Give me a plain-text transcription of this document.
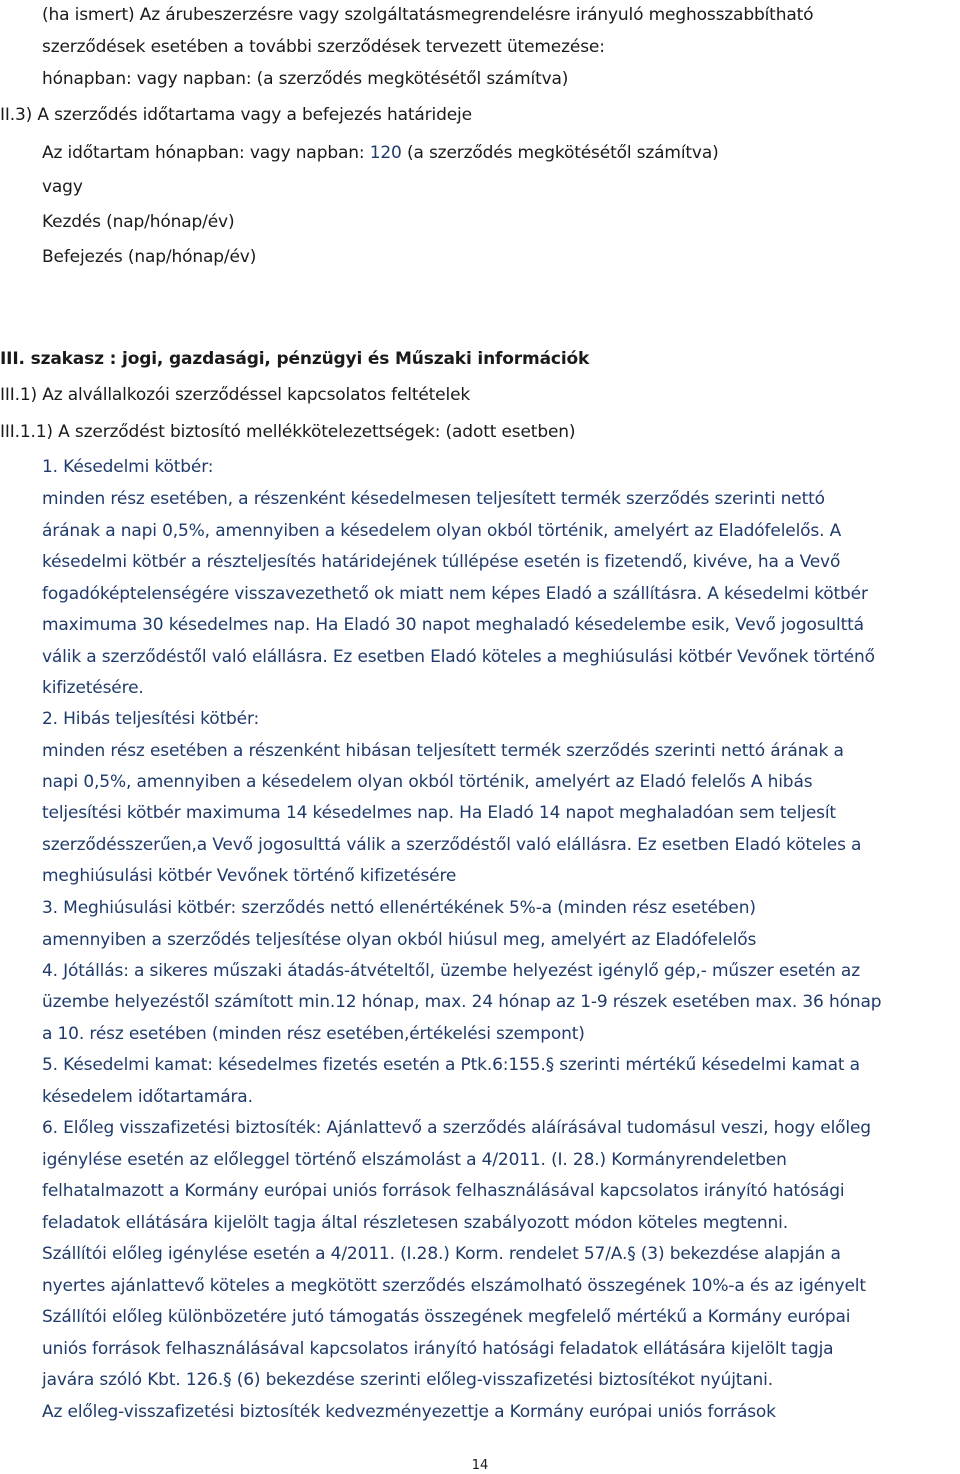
(ha ismert) Az árubeszerzésre vagy szolgáltatásmegrendelésre irányuló meghosszabbítható
szerződések esetében a további szerződések tervezett ütemezése:
hónapban: vagy napban: (a szerződés megkötésétől számítva)
II.3) A szerződés időtartama vagy a befejezés határideje
Az időtartam hónapban: vagy napban: 120 (a szerződés megkötésétől számítva)
vagy
Kezdés (nap/hónap/év)
Befejezés (nap/hónap/év)
III. szakasz : jogi, gazdasági, pénzügyi és Műszaki információk
III.1) Az alvállalkozói szerződéssel kapcsolatos feltételek
III.1.1) A szerződést biztosító mellékkötelezettségek: (adott esetben)
1. Késedelmi kötbér:
minden rész esetében, a részenként késedelmesen teljesített termék szerződés szerinti nettó
árának a napi 0,5%, amennyiben a késedelem olyan okból történik, amelyért az Eladófelelős. A
késedelmi kötbér a részteljesítés határidejének túllépése esetén is fizetendő, kivéve, ha a Vevő
fogadóképtelenségére visszavezethető ok miatt nem képes Eladó a szállításra. A késedelmi kötbér
maximuma 30 késedelmes nap. Ha Eladó 30 napot meghaladó késedelembe esik, Vevő jogosulttá
válik a szerződéstől való elállásra. Ez esetben Eladó köteles a meghiúsulási kötbér Vevőnek történő
kifizetésére.
2. Hibás teljesítési kötbér:
minden rész esetében a részenként hibásan teljesített termék szerződés szerinti nettó árának a
napi 0,5%, amennyiben a késedelem olyan okból történik, amelyért az Eladó felelős A hibás
teljesítési kötbér maximuma 14 késedelmes nap. Ha Eladó 14 napot meghaladóan sem teljesít
szerződésszerűen,a Vevő jogosulttá válik a szerződéstől való elállásra. Ez esetben Eladó köteles a
meghiúsulási kötbér Vevőnek történő kifizetésére
3. Meghiúsulási kötbér: szerződés nettó ellenértékének 5%-a (minden rész esetében)
amennyiben a szerződés teljesítése olyan okból hiúsul meg, amelyért az Eladófelelős
4. Jótállás: a sikeres műszaki átadás-átvételtől, üzembe helyezést igénylő gép,- műszer esetén az
üzembe helyezéstől számított min.12 hónap, max. 24 hónap az 1-9 részek esetében max. 36 hónap
a 10. rész esetében (minden rész esetében,értékelési szempont)
5. Késedelmi kamat: késedelmes fizetés esetén a Ptk.6:155.§ szerinti mértékű késedelmi kamat a
késedelem időtartamára.
6. Előleg visszafizetési biztosíték: Ajánlattevő a szerződés aláírásával tudomásul veszi, hogy előleg
igénylése esetén az előleggel történő elszámolást a 4/2011. (I. 28.) Kormányrendeletben
felhatalmazott a Kormány európai uniós források felhasználásával kapcsolatos irányító hatósági
feladatok ellátására kijelölt tagja által részletesen szabályozott módon köteles megtenni.
Szállítói előleg igénylése esetén a 4/2011. (I.28.) Korm. rendelet 57/A.§ (3) bekezdése alapján a
nyertes ajánlattevő köteles a megkötött szerződés elszámolható összegének 10%-a és az igényelt
Szállítói előleg különbözetére jutó támogatás összegének megfelelő mértékű a Kormány európai
uniós források felhasználásával kapcsolatos irányító hatósági feladatok ellátására kijelölt tagja
javára szóló Kbt. 126.§ (6) bekezdése szerinti előleg-visszafizetési biztosítékot nyújtani.
Az előleg-visszafizetési biztosíték kedvezményezettje a Kormány európai uniós források
14
